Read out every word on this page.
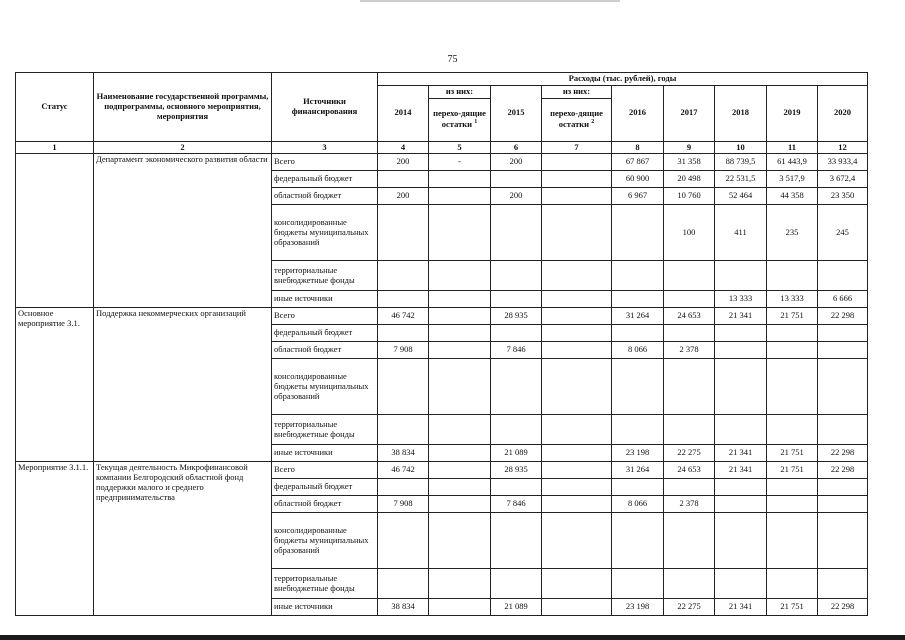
75
Статус	Наименование государственной программы, подпрограммы, основного мероприятия, мероприятия	Источники финансирования	Расходы (тыс. рублей), годы								
			2014	из них:	2015	из них:	2016	2017	2018	2019	2020
				перехо-дящие остатки $^1$		перехо-дящие остатки $^2$
1	2	3	4	5	6	7	8	9	10	11	12
	Департамент экономического развития области	Всего	200	-	200		67 867	31 358	88 739,5	61 443,9	33 933,4
		федеральный бюджет					60 900	20 498	22 531,5	3 517,9	3 672,4
		областной бюджет	200		200		6 967	10 760	52 464	44 358	23 350
		консолидированные бюджеты муниципальных образований						100	411	235	245
		территориальные внебюджетные фонды									
		иные источники							13 333	13 333	6 666
Основное мероприятие 3.1.	Поддержка некоммерческих организаций	Всего	46 742		28 935		31 264	24 653	21 341	21 751	22 298
		федеральный бюджет									
		областной бюджет	7 908		7 846		8 066	2 378			
		консолидированные бюджеты муниципальных образований									
		территориальные внебюджетные фонды									
		иные источники	38 834		21 089		23 198	22 275	21 341	21 751	22 298
Мероприятие 3.1.1.	Текущая деятельность Микрофинансовой компании Белгородский областной фонд поддержки малого и среднего предпринимательства	Всего	46 742		28 935		31 264	24 653	21 341	21 751	22 298
		федеральный бюджет									
		областной бюджет	7 908		7 846		8 066	2 378			
		консолидированные бюджеты муниципальных образований									
		территориальные внебюджетные фонды									
		иные источники	38 834		21 089		23 198	22 275	21 341	21 751	22 298
